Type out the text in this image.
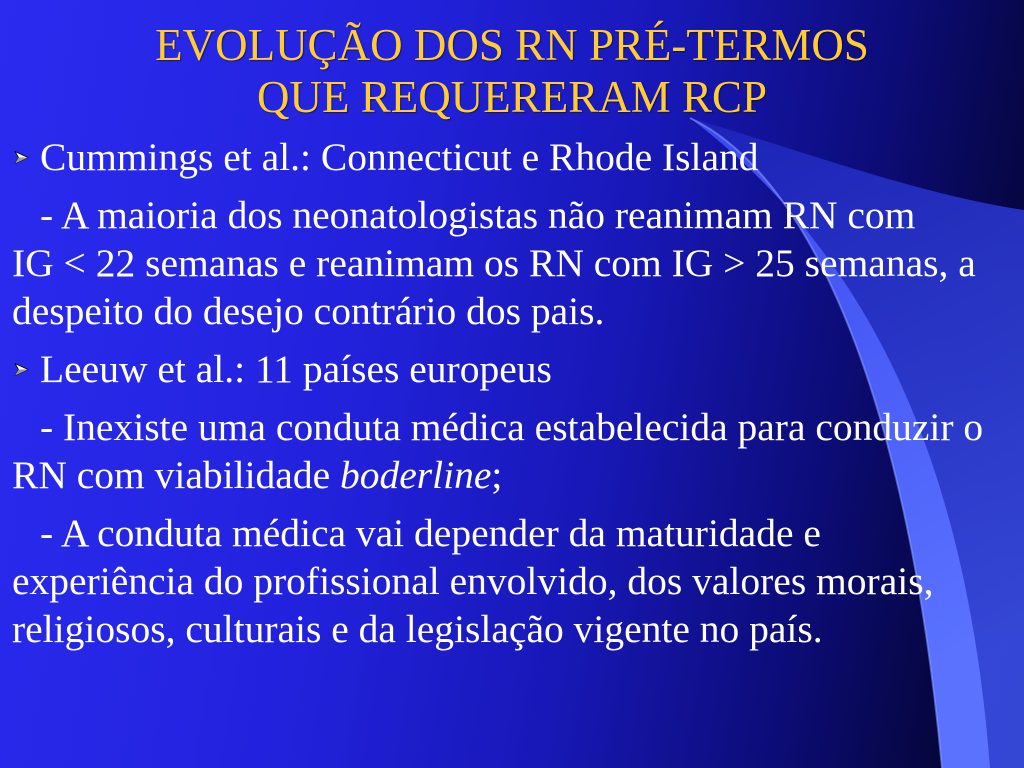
EVOLUÇÃO DOS RN PRÉ-TERMOS
QUE REQUERERAM RCP
Cummings et al.: Connecticut e Rhode Island
- A maioria dos neonatologistas não reanimam RN com
IG < 22 semanas e reanimam os RN com IG > 25 semanas, a
despeito do desejo contrário dos pais.
Leeuw et al.: 11 países europeus
- Inexiste uma conduta médica estabelecida para conduzir o
RN com viabilidade boderline;
- A conduta médica vai depender da maturidade e
experiência do profissional envolvido, dos valores morais,
religiosos, culturais e da legislação vigente no país.
